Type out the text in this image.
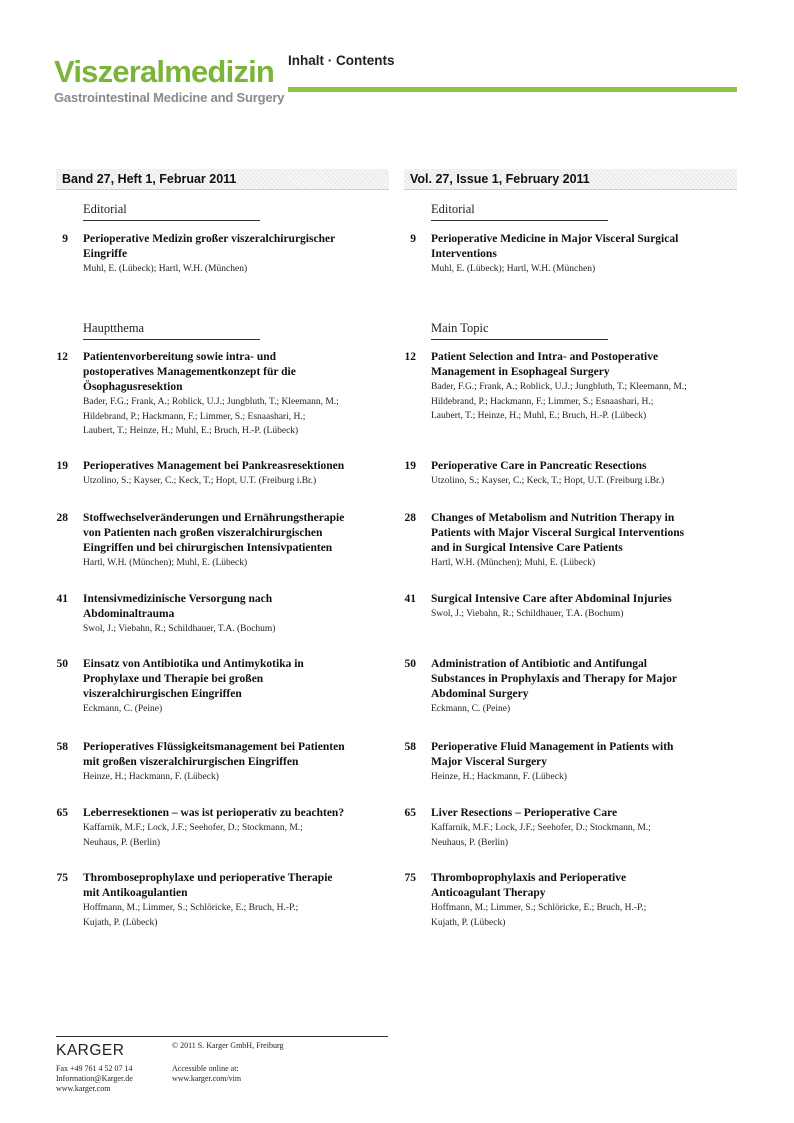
Viszeralmedizin
Gastrointestinal Medicine and Surgery
Inhalt · Contents
Band 27, Heft 1, Februar 2011	Vol. 27, Issue 1, February 2011
Editorial
9 Perioperative Medizin großer viszeralchirurgischer
Eingriffe
Muhl, E. (Lübeck); Hartl, W.H. (München)
Hauptthema
12 Patientenvorbereitung sowie intra- und
postoperatives Managementkonzept für die
Ösophagusresektion
Bader, F.G.; Frank, A.; Roblick, U.J.; Jungbluth, T.; Kleemann, M.;
Hildebrand, P.; Hackmann, F.; Limmer, S.; Esnaashari, H.;
Laubert, T.; Heinze, H.; Muhl, E.; Bruch, H.-P. (Lübeck)
19 Perioperatives Management bei Pankreasresektionen
Utzolino, S.; Kayser, C.; Keck, T.; Hopt, U.T. (Freiburg i.Br.)
28 Stoffwechselveränderungen und Ernährungstherapie
von Patienten nach großen viszeralchirurgischen
Eingriffen und bei chirurgischen Intensivpatienten
Hartl, W.H. (München); Muhl, E. (Lübeck)
41 Intensivmedizinische Versorgung nach
Abdominaltrauma
Swol, J.; Viebahn, R.; Schildhauer, T.A. (Bochum)
50 Einsatz von Antibiotika und Antimykotika in
Prophylaxe und Therapie bei großen
viszeralchirurgischen Eingriffen
Eckmann, C. (Peine)
58 Perioperatives Flüssigkeitsmanagement bei Patienten
mit großen viszeralchirurgischen Eingriffen
Heinze, H.; Hackmann, F. (Lübeck)
65 Leberresektionen – was ist perioperativ zu beachten?
Kaffarnik, M.F.; Lock, J.F.; Seehofer, D.; Stockmann, M.;
Neuhaus, P. (Berlin)
75 Thromboseprophylaxe und perioperative Therapie
mit Antikoagulantien
Hoffmann, M.; Limmer, S.; Schlöricke, E.; Bruch, H.-P.;
Kujath, P. (Lübeck)
Editorial
9 Perioperative Medicine in Major Visceral Surgical
Interventions
Muhl, E. (Lübeck); Hartl, W.H. (München)
Main Topic
12 Patient Selection and Intra- and Postoperative
Management in Esophageal Surgery
Bader, F.G.; Frank, A.; Roblick, U.J.; Jungbluth, T.; Kleemann, M.;
Hildebrand, P.; Hackmann, F.; Limmer, S.; Esnaashari, H.;
Laubert, T.; Heinze, H.; Muhl, E.; Bruch, H.-P. (Lübeck)
19 Perioperative Care in Pancreatic Resections
Utzolino, S.; Kayser, C.; Keck, T.; Hopt, U.T. (Freiburg i.Br.)
28 Changes of Metabolism and Nutrition Therapy in
Patients with Major Visceral Surgical Interventions
and in Surgical Intensive Care Patients
Hartl, W.H. (München); Muhl, E. (Lübeck)
41 Surgical Intensive Care after Abdominal Injuries
Swol, J.; Viebahn, R.; Schildhauer, T.A. (Bochum)
50 Administration of Antibiotic and Antifungal
Substances in Prophylaxis and Therapy for Major
Abdominal Surgery
Eckmann, C. (Peine)
58 Perioperative Fluid Management in Patients with
Major Visceral Surgery
Heinze, H.; Hackmann, F. (Lübeck)
65 Liver Resections – Perioperative Care
Kaffarnik, M.F.; Lock, J.F.; Seehofer, D.; Stockmann, M.;
Neuhaus, P. (Berlin)
75 Thromboprophylaxis and Perioperative
Anticoagulant Therapy
Hoffmann, M.; Limmer, S.; Schlöricke, E.; Bruch, H.-P.;
Kujath, P. (Lübeck)
KARGER	© 2011 S. Karger GmbH, Freiburg
Fax +49 761 4 52 07 14
Information@Karger.de
www.karger.com
Accessible online at:
www.karger.com/vim
